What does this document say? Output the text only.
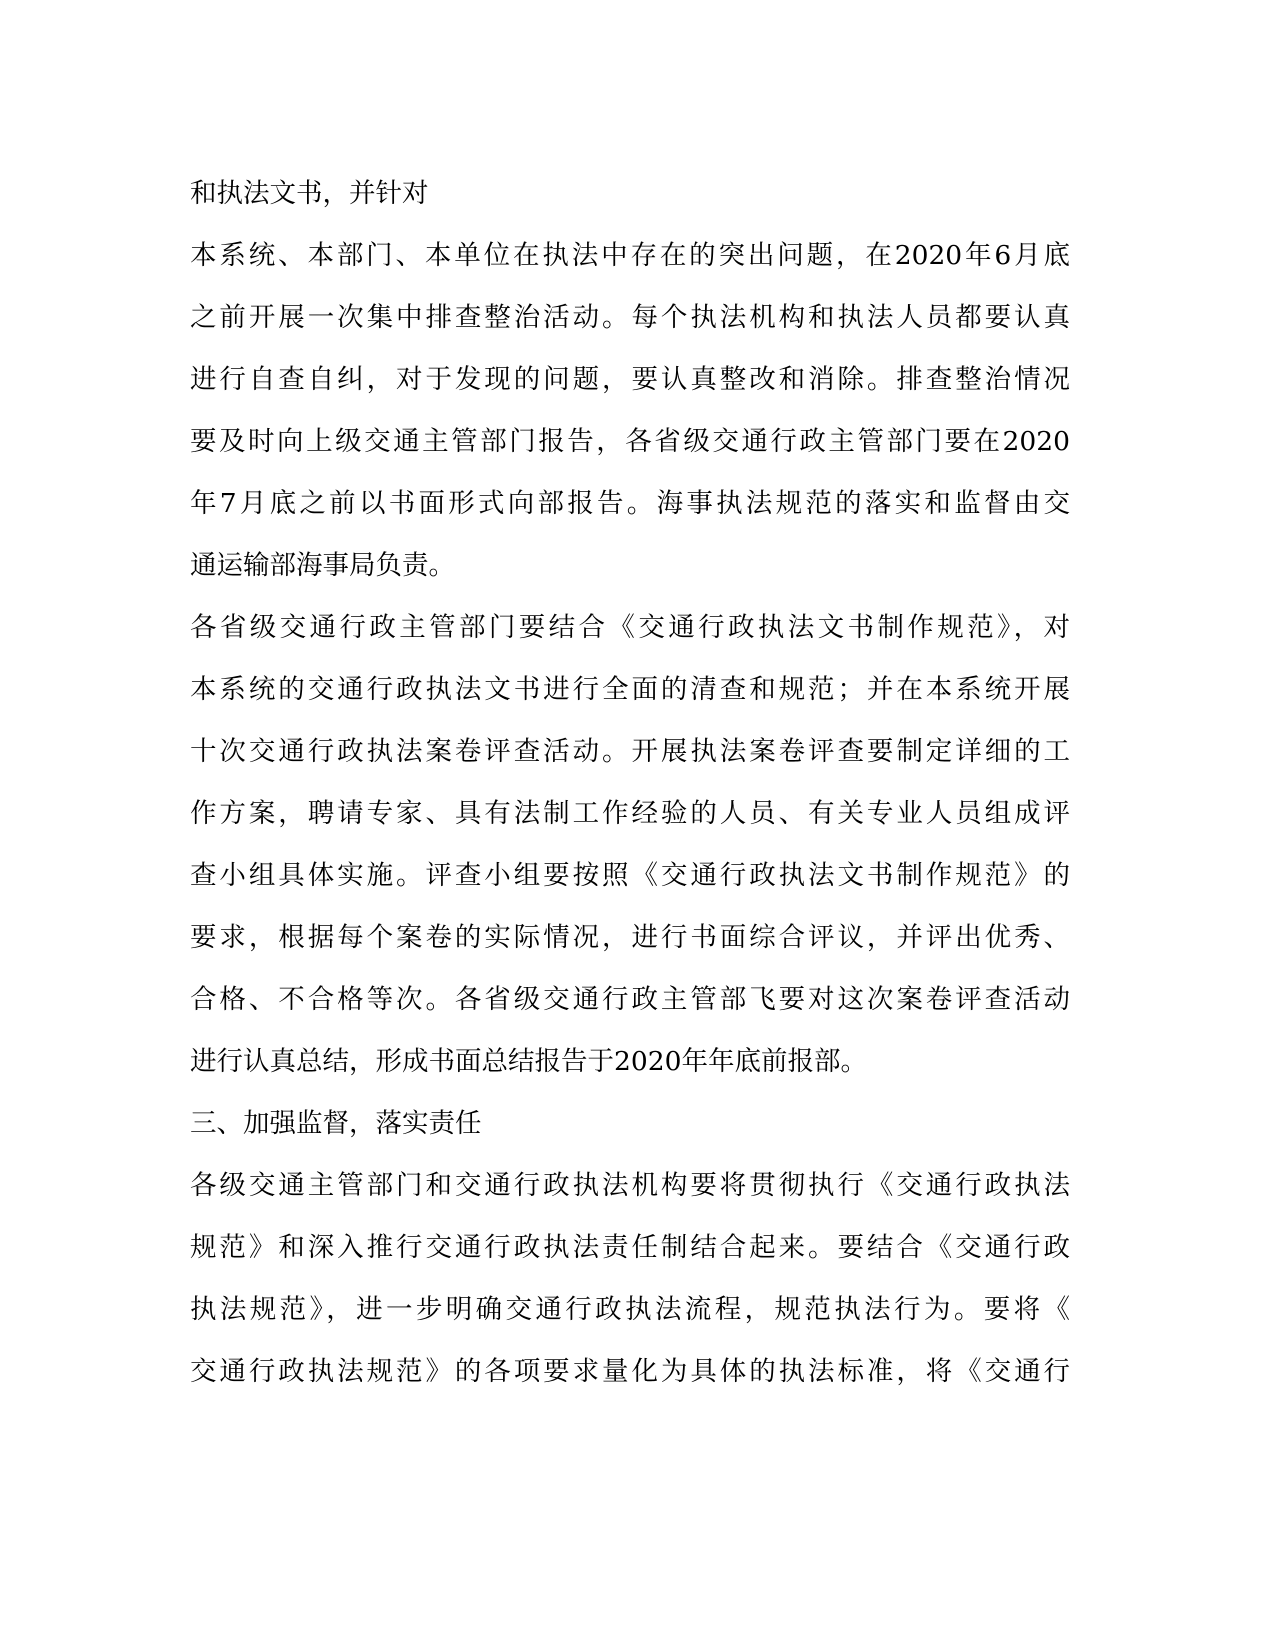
和执法文书，并针对
本系统、本部门、本单位在执法中存在的突出问题，在2020年6月底
之前开展一次集中排查整治活动。每个执法机构和执法人员都要认真
进行自查自纠，对于发现的问题，要认真整改和消除。排查整治情况
要及时向上级交通主管部门报告，各省级交通行政主管部门要在2020
年7月底之前以书面形式向部报告。海事执法规范的落实和监督由交
通运输部海事局负责。
各省级交通行政主管部门要结合《交通行政执法文书制作规范》，对
本系统的交通行政执法文书进行全面的清查和规范；并在本系统开展
十次交通行政执法案卷评查活动。开展执法案卷评查要制定详细的工
作方案，聘请专家、具有法制工作经验的人员、有关专业人员组成评
查小组具体实施。评查小组要按照《交通行政执法文书制作规范》的
要求，根据每个案卷的实际情况，进行书面综合评议，并评出优秀、
合格、不合格等次。各省级交通行政主管部飞要对这次案卷评查活动
进行认真总结，形成书面总结报告于2020年年底前报部。
三、加强监督，落实责任
各级交通主管部门和交通行政执法机构要将贯彻执行《交通行政执法
规范》和深入推行交通行政执法责任制结合起来。要结合《交通行政
执法规范》，进一步明确交通行政执法流程，规范执法行为。要将《
交通行政执法规范》的各项要求量化为具体的执法标准，将《交通行
